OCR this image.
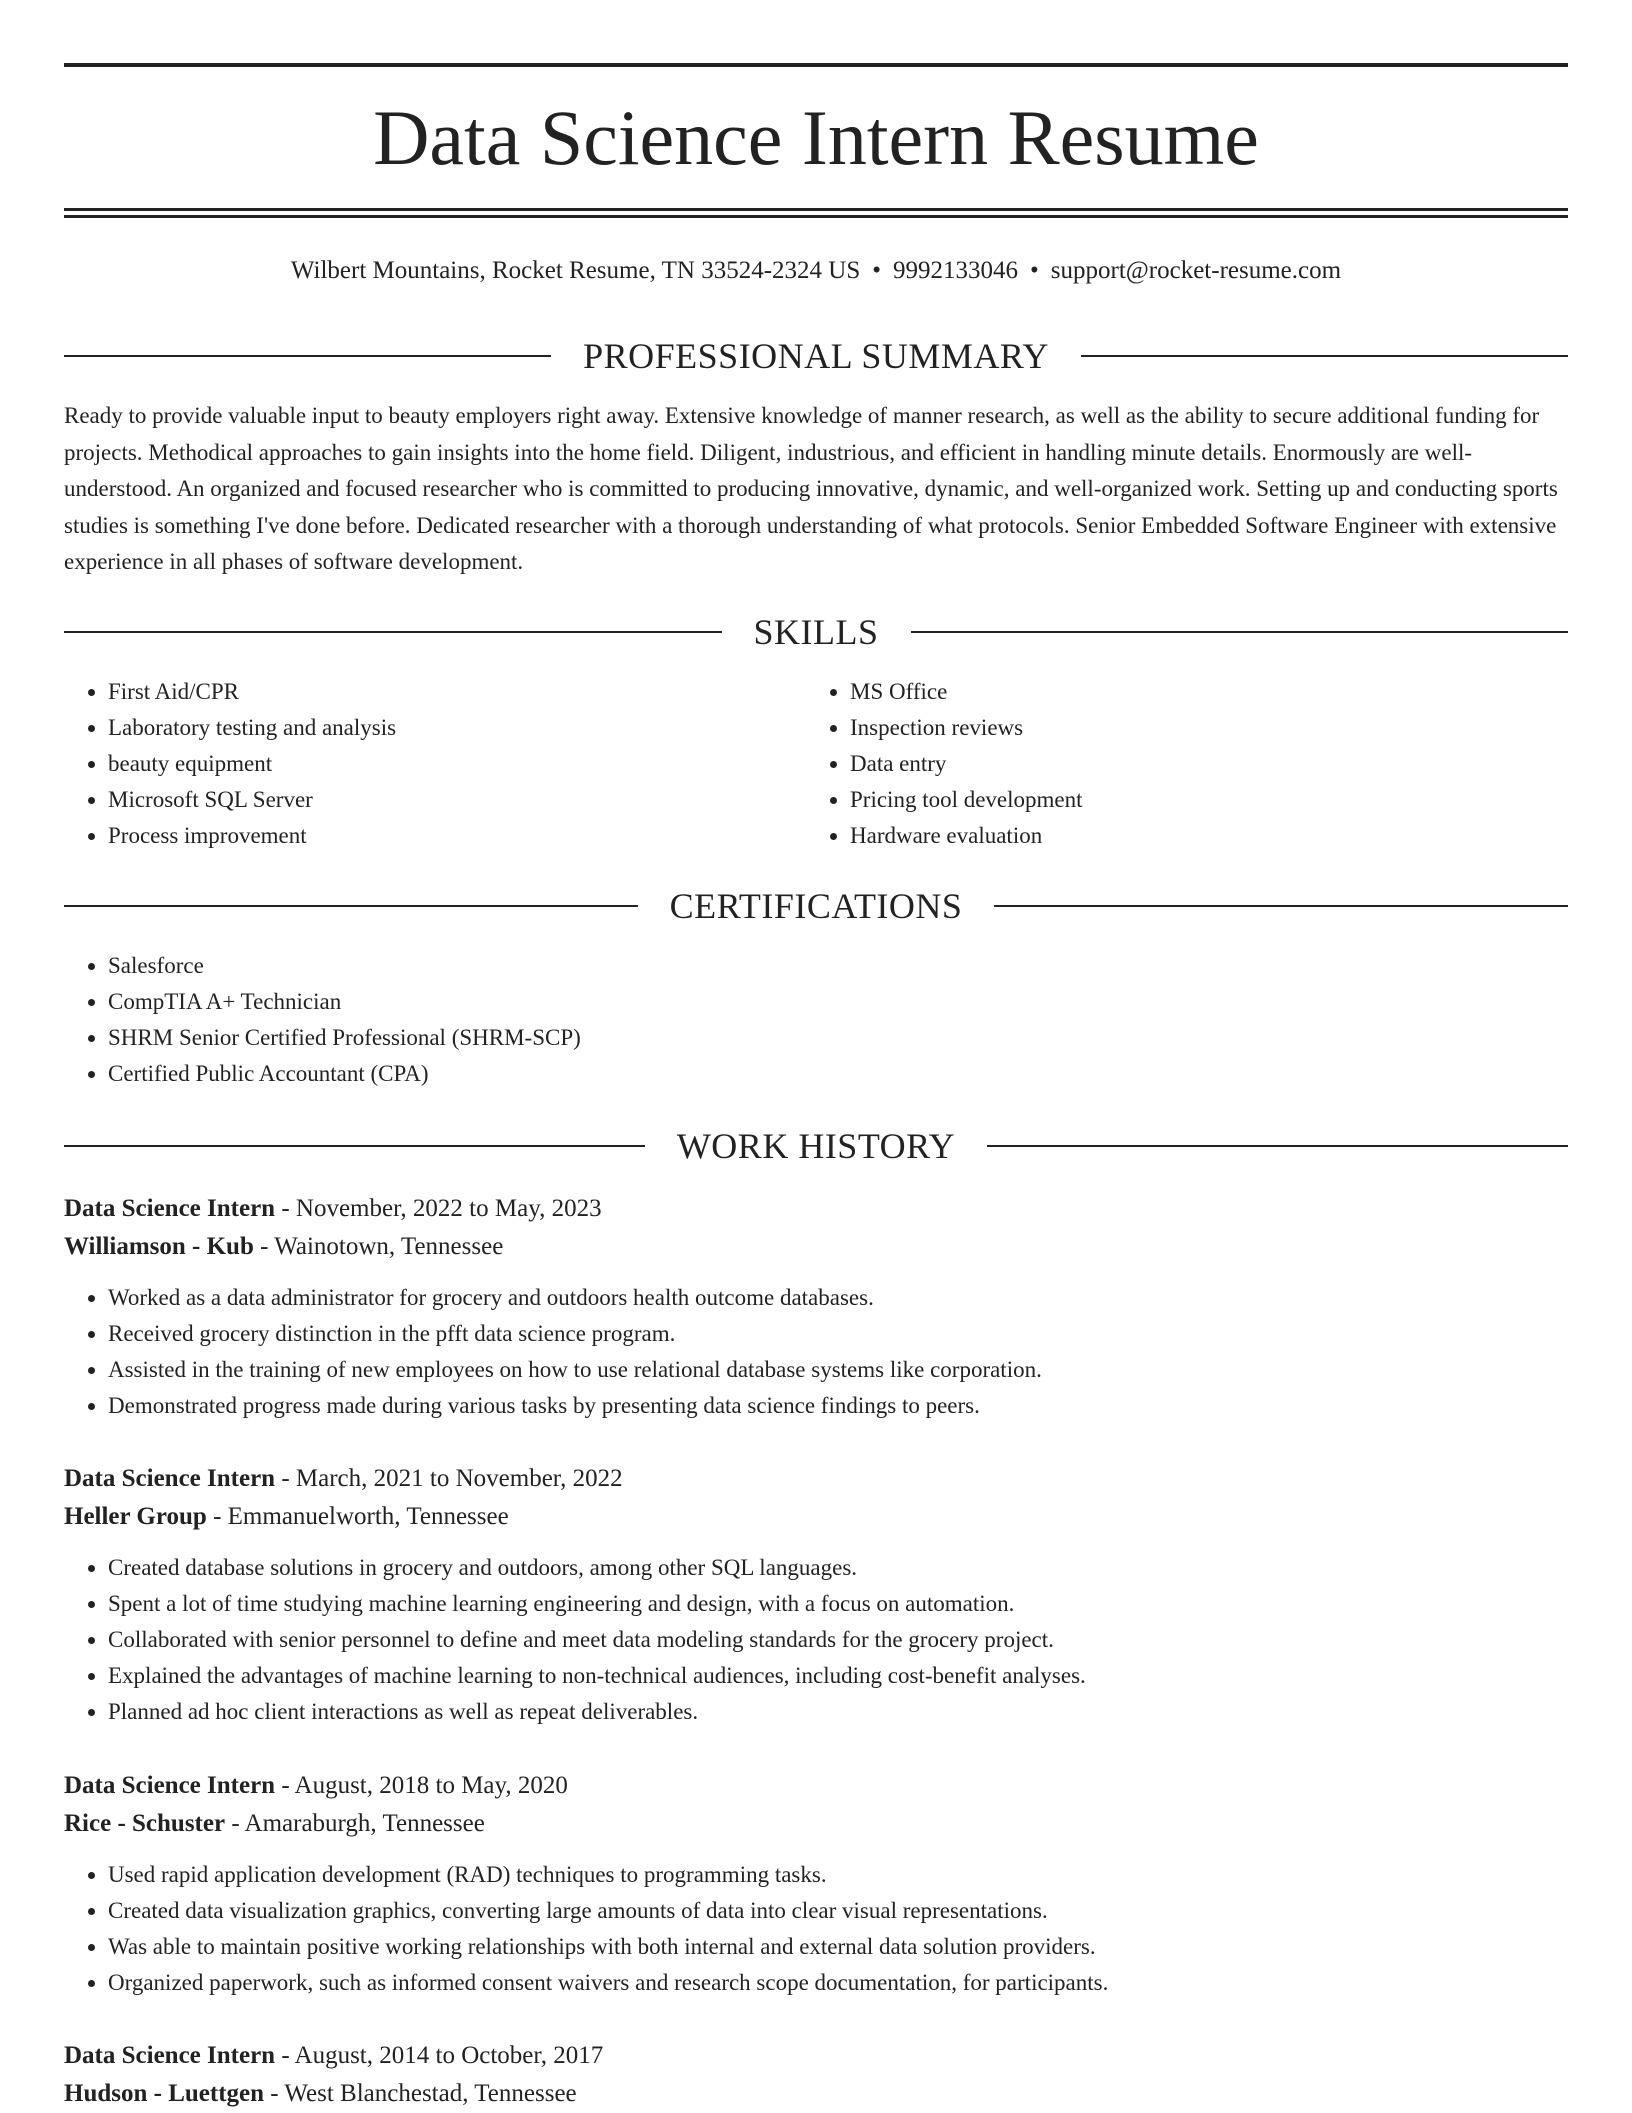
Data Science Intern Resume
Wilbert Mountains, Rocket Resume, TN 33524-2324 US • 9992133046 • support@rocket-resume.com
PROFESSIONAL SUMMARY

Ready to provide valuable input to beauty employers right away. Extensive knowledge of manner research, as well as the ability to secure additional funding for projects. Methodical approaches to gain insights into the home field. Diligent, industrious, and efficient in handling minute details. Enormously are well-understood. An organized and focused researcher who is committed to producing innovative, dynamic, and well-organized work. Setting up and conducting sports studies is something I've done before. Dedicated researcher with a thorough understanding of what protocols. Senior Embedded Software Engineer with extensive experience in all phases of software development.

SKILLS
• First Aid/CPR
• Laboratory testing and analysis
• beauty equipment
• Microsoft SQL Server
• Process improvement
• MS Office
• Inspection reviews
• Data entry
• Pricing tool development
• Hardware evaluation
CERTIFICATIONS
• Salesforce
• CompTIA A+ Technician
• SHRM Senior Certified Professional (SHRM-SCP)
• Certified Public Accountant (CPA)
WORK HISTORY
Data Science Intern - November, 2022 to May, 2023
Williamson - Kub - Wainotown, Tennessee
• Worked as a data administrator for grocery and outdoors health outcome databases.
• Received grocery distinction in the pfft data science program.
• Assisted in the training of new employees on how to use relational database systems like corporation.
• Demonstrated progress made during various tasks by presenting data science findings to peers.
Data Science Intern - March, 2021 to November, 2022
Heller Group - Emmanuelworth, Tennessee
• Created database solutions in grocery and outdoors, among other SQL languages.
• Spent a lot of time studying machine learning engineering and design, with a focus on automation.
• Collaborated with senior personnel to define and meet data modeling standards for the grocery project.
• Explained the advantages of machine learning to non-technical audiences, including cost-benefit analyses.
• Planned ad hoc client interactions as well as repeat deliverables.
Data Science Intern - August, 2018 to May, 2020
Rice - Schuster - Amaraburgh, Tennessee
• Used rapid application development (RAD) techniques to programming tasks.
• Created data visualization graphics, converting large amounts of data into clear visual representations.
• Was able to maintain positive working relationships with both internal and external data solution providers.
• Organized paperwork, such as informed consent waivers and research scope documentation, for participants.
Data Science Intern - August, 2014 to October, 2017
Hudson - Luettgen - West Blanchestad, Tennessee
